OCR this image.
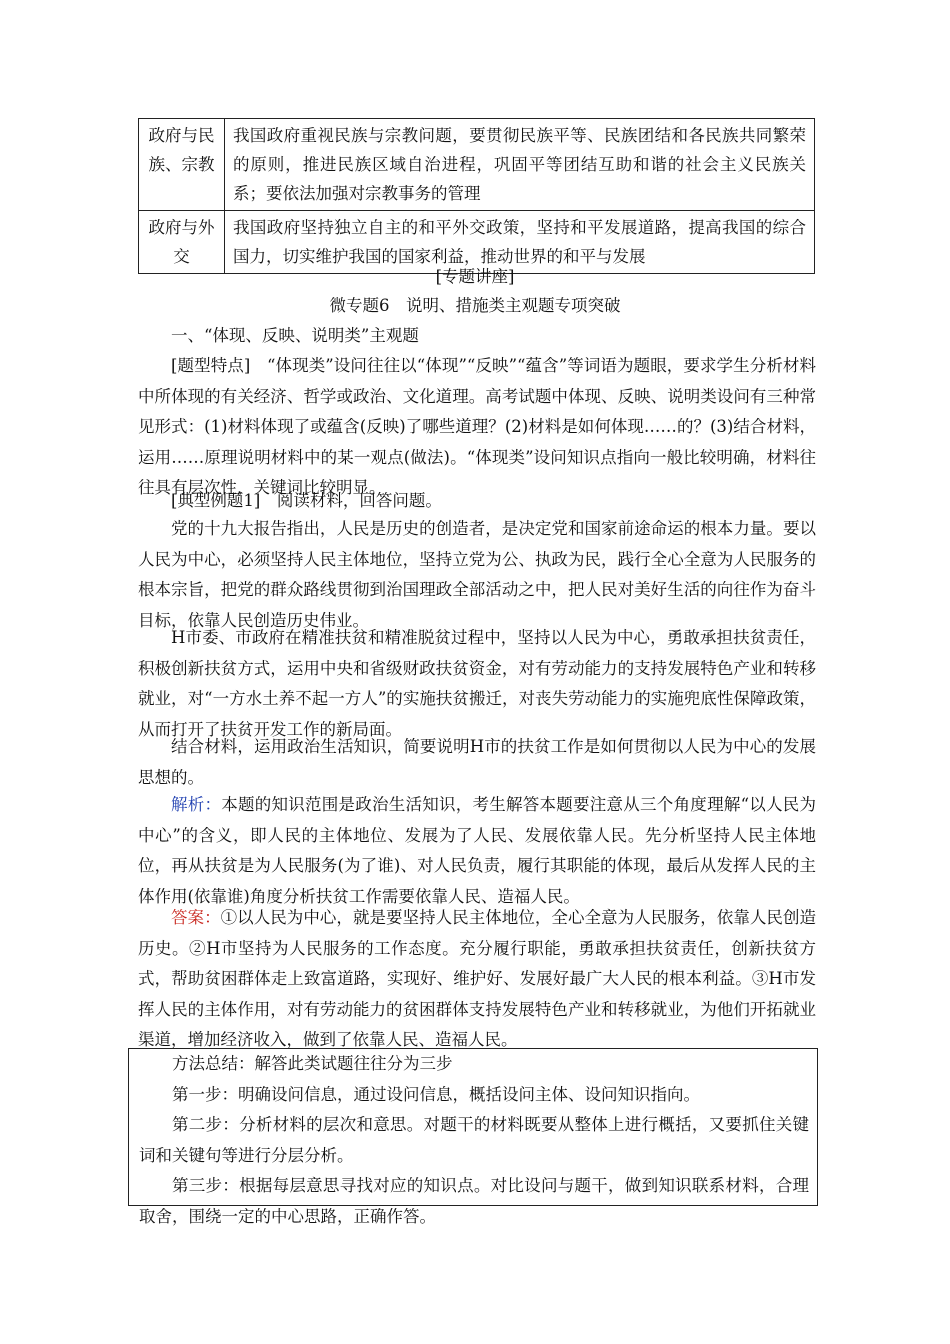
政府与民族、宗教	我国政府重视民族与宗教问题，要贯彻民族平等、民族团结和各民族共同繁荣的原则，推进民族区域自治进程，巩固平等团结互助和谐的社会主义民族关系；要依法加强对宗教事务的管理
政府与外交	我国政府坚持独立自主的和平外交政策，坚持和平发展道路，提高我国的综合国力，切实维护我国的国家利益，推动世界的和平与发展
[专题讲座]
微专题6　说明、措施类主观题专项突破
一、“体现、反映、说明类”主观题
[题型特点]　“体现类”设问往往以“体现”“反映”“蕴含”等词语为题眼，要求学生分析材料中所体现的有关经济、哲学或政治、文化道理。高考试题中体现、反映、说明类设问有三种常见形式：(1)材料体现了或蕴含(反映)了哪些道理？(2)材料是如何体现……的？(3)结合材料，运用……原理说明材料中的某一观点(做法)。“体现类”设问知识点指向一般比较明确，材料往往具有层次性，关键词比较明显。
[典型例题1]　阅读材料，回答问题。
党的十九大报告指出，人民是历史的创造者，是决定党和国家前途命运的根本力量。要以人民为中心，必须坚持人民主体地位，坚持立党为公、执政为民，践行全心全意为人民服务的根本宗旨，把党的群众路线贯彻到治国理政全部活动之中，把人民对美好生活的向往作为奋斗目标，依靠人民创造历史伟业。
H市委、市政府在精准扶贫和精准脱贫过程中，坚持以人民为中心，勇敢承担扶贫责任，积极创新扶贫方式，运用中央和省级财政扶贫资金，对有劳动能力的支持发展特色产业和转移就业，对“一方水土养不起一方人”的实施扶贫搬迁，对丧失劳动能力的实施兜底性保障政策，从而打开了扶贫开发工作的新局面。
结合材料，运用政治生活知识，简要说明H市的扶贫工作是如何贯彻以人民为中心的发展思想的。
解析：本题的知识范围是政治生活知识，考生解答本题要注意从三个角度理解“以人民为中心”的含义，即人民的主体地位、发展为了人民、发展依靠人民。先分析坚持人民主体地位，再从扶贫是为人民服务(为了谁)、对人民负责，履行其职能的体现，最后从发挥人民的主体作用(依靠谁)角度分析扶贫工作需要依靠人民、造福人民。
答案：①以人民为中心，就是要坚持人民主体地位，全心全意为人民服务，依靠人民创造历史。②H市坚持为人民服务的工作态度。充分履行职能，勇敢承担扶贫责任，创新扶贫方式，帮助贫困群体走上致富道路，实现好、维护好、发展好最广大人民的根本利益。③H市发挥人民的主体作用，对有劳动能力的贫困群体支持发展特色产业和转移就业，为他们开拓就业渠道，增加经济收入，做到了依靠人民、造福人民。

方法总结：解答此类试题往往分为三步

第一步：明确设问信息，通过设问信息，概括设问主体、设问知识指向。

第二步：分析材料的层次和意思。对题干的材料既要从整体上进行概括，又要抓住关键词和关键句等进行分层分析。

第三步：根据每层意思寻找对应的知识点。对比设问与题干，做到知识联系材料，合理取舍，围绕一定的中心思路，正确作答。
